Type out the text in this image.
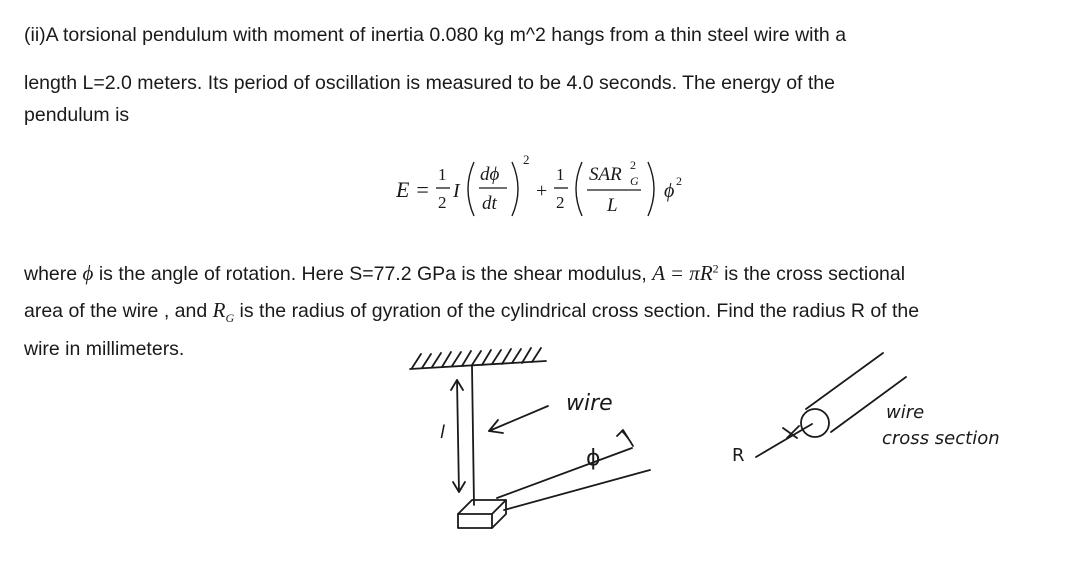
(ii)A torsional pendulum with moment of inertia 0.080 kg m^2 hangs from a thin steel wire with a
length L=2.0 meters. Its period of oscillation is measured to be 4.0 seconds. The energy of the
pendulum is
E =
1
2
I
dϕ
dt
2
+
1
2
SAR 2
G
L
ϕ 2
where ϕ is the angle of rotation. Here S=77.2 GPa is the shear modulus, $A = \pi R^2$ is the cross sectional
area of the wire , and $R_G$ is the radius of gyration of the cylindrical cross section. Find the radius R of the
wire in millimeters.
wire
l
ϕ	R
wire
cross section
